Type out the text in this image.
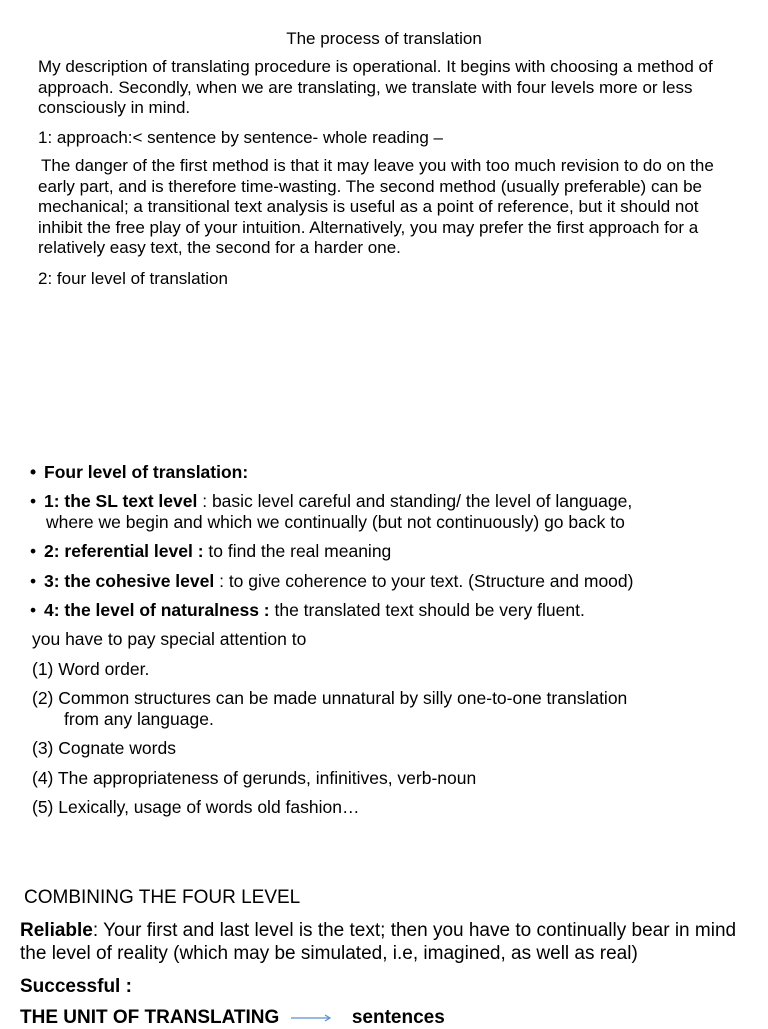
The process of translation
My description of translating procedure is operational. It begins with choosing a method of approach. Secondly, when we are translating, we translate with four levels more or less consciously in mind.
1: approach:< sentence by sentence- whole reading –
The danger of the first method is that it may leave you with too much revision to do on the early part, and is therefore time-wasting. The second method (usually preferable) can be mechanical; a transitional text analysis is useful as a point of reference, but it should not inhibit the free play of your intuition. Alternatively, you may prefer the first approach for a relatively easy text, the second for a harder one.
2: four level of translation
• Four level of translation:
• 1: the SL text level : basic level careful and standing/ the level of language,
where we begin and which we continually (but not continuously) go back to
• 2: referential level : to find the real meaning
• 3: the cohesive level : to give coherence to your text. (Structure and mood)
• 4: the level of naturalness : the translated text should be very fluent.
you have to pay special attention to
(1) Word order.
(2) Common structures can be made unnatural by silly one-to-one translation
from any language.
(3) Cognate words
(4) The appropriateness of gerunds, infinitives, verb-noun
(5) Lexically, usage of words old fashion…
COMBINING THE FOUR LEVEL
Reliable: Your first and last level is the text; then you have to continually bear in mind the level of reality (which may be simulated, i.e, imagined, as well as real)
Successful :
THE UNIT OF TRANSLATING	sentences
